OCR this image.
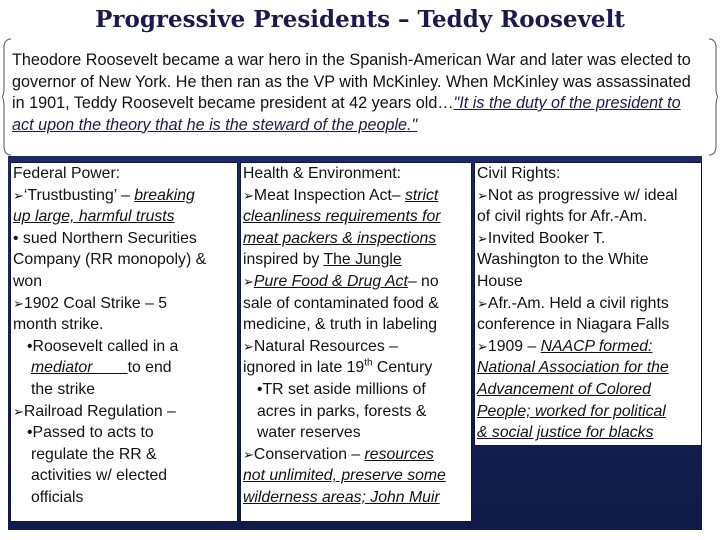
Progressive Presidents – Teddy Roosevelt
Theodore Roosevelt became a war hero in the Spanish-American War and later was elected to governor of New York. He then ran as the VP with McKinley. When McKinley was assassinated in 1901, Teddy Roosevelt became president at 42 years old…"It is the duty of the president to act upon the theory that he is the steward of the people."
Federal Power:
➢‘Trustbusting’ – breaking
up large, harmful trusts
• sued Northern Securities
Company (RR monopoly) &
won
➢1902 Coal Strike – 5
month strike.
•Roosevelt called in a
mediator to end
the strike
➢Railroad Regulation –
•Passed to acts to
regulate the RR &
activities w/ elected
officials
Health & Environment:
➢Meat Inspection Act– strict
cleanliness requirements for
meat packers & inspections
inspired by The Jungle
➢Pure Food & Drug Act– no
sale of contaminated food &
medicine, & truth in labeling
➢Natural Resources –
ignored in late 19th Century
•TR set aside millions of
acres in parks, forests &
water reserves
➢Conservation – resources
not unlimited, preserve some
wilderness areas; John Muir
Civil Rights:
➢Not as progressive w/ ideal
of civil rights for Afr.-Am.
➢Invited Booker T.
Washington to the White
House
➢Afr.-Am. Held a civil rights
conference in Niagara Falls
➢1909 – NAACP formed:
National Association for the
Advancement of Colored
People; worked for political
& social justice for blacks
